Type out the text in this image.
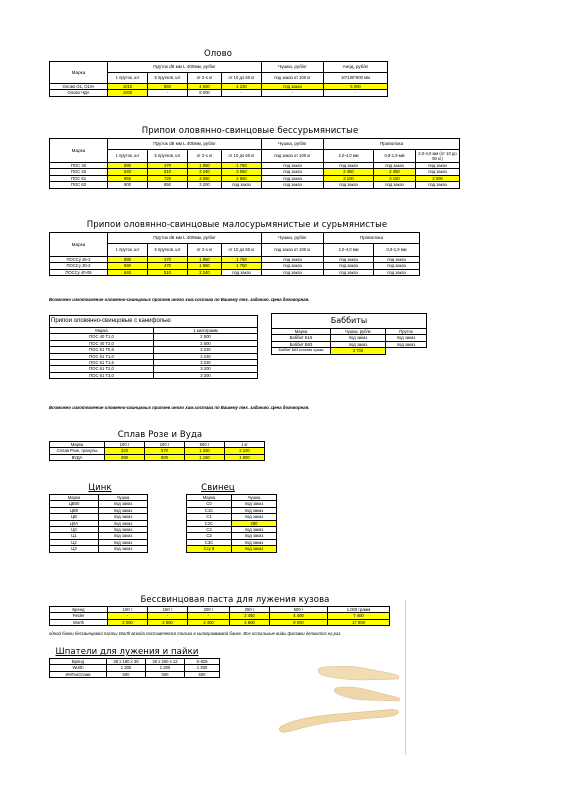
Олово
Марка	Пруток d8 мм L 400мм, руб/кг				Чушка, руб/кг	Анод, руб/кг
	1 пруток, шт	5 прутков, шт	от 2-х кг	от 10 до 50 кг	под заказ от 100 кг	10*100*500 мм
Олово О1, О1пч	1010	850	4 500	4 230	под заказ	5 000
Олово ЧДА	1000	-	8 000	-	-	-
Припои оловянно-свинцовые бессурьмянистые
Марка	Пруток d8 мм L 400мм, руб/кг				Чушка, руб/кг	Проволока		
	1 пруток, шт	5 прутков, шт	от 2-х кг	от 10 до 50 кг	под заказ от 100 кг	2,0-4,0 мм	0,8-1,9 мм	2,0-4,0 мм (от 10 до 50 кг)
ПОС 30	590	470	1 950	1 750	под заказ	под заказ	под заказ	под заказ
ПОС 40	640	510	2 240	2 050	под заказ	2 450	2 450	под заказ
ПОС 61	850	720	3 050	2 850	под заказ	3 100	3 150	3 000
ПОС 63	900	850	3 200	под заказ	под заказ	под заказ	под заказ	под заказ
Припои оловянно-свинцовые малосурьмянистые и сурьмянистые
Марка	Пруток d8 мм L 400мм, руб/кг				Чушка, руб/кг	Проволока	
	1 пруток, шт	5 прутков, шт	от 2-х кг	от 10 до 50 кг	под заказ от 100 кг	2,0-4,0 мм	0,8-1,9 мм
ПОССу 25-2	590	470	1 950	1 750	под заказ	под заказ	под заказ
ПОССу 30-2	590	470	1 950	1 750	под заказ	под заказ	под заказ
ПОССу 40-05	640	510	2 240	под заказ	под заказ	под заказ	под заказ
Возможно изготовление оловянно-свинцовых припоев иного хим.состава по Вашему тех. заданию. Цена договорная.
Припои оловянно-свинцовые с канифолью	
Марка	1 килограмм
ПОС 40 Т1,0	2 500
ПОС 40 Т2,0	2 500
ПОС 61 Т0,8	3 230
ПОС 61 Т1,0	3 230
ПОС 61 Т1,5	3 230
ПОС 61 Т2,0	3 200
ПОС 61 Т3,0	3 200
Баббиты		
Марка	Чушка, руб/кг	Пруток
Баббит Б16	под заказ	под заказ
Баббит Б83	под заказ	под заказ
Баббит Б83 колотая чушка	3 700	
Возможно изготовление оловянно-свинцовых припоев иного хим.состава по Вашему тех. заданию. Цена договорная.
Сплав Розе и Вуда
Марка	100 г	200 г	500 г	1 кг
Сплав Розе, гранулы	333	570	1 330	2 220
ВУДА	290	500	1 150	1 900
Цинк
Марка	Чушка
ЦВ00	под заказ
ЦВ0	под заказ
ЦВ	под заказ
Ц0А	под заказ
Ц0	под заказ
Ц1	под заказ
Ц2	под заказ
Ц3	под заказ
Свинец
Марка	Чушка
С0	под заказ
С1С	под заказ
С1	под заказ
С2С	280
С2	под заказ
С3	под заказ
С3С	под заказ
Ссу 8	под заказ
Бессвинцовая паста для лужения кузова
Бренд	100 г	150 г	200 г	250 г	500 г	1.000 грамм
Felder	-	-	-	2 450	4 400	7 400
Wurth	2 000	2 800	3 400	4 600	9 000	17 000
одной банки бессвинцовой пасты Wurth всегда поставляется только в килограммовой банке. Все остальные виды фасовки делаются на раз
Шпатели для лужения и пайки
Бренд	38 x 180 x 38	30 x 250 x 12	S-825
Wurth	1 300	1 300	1 300
ИНГеоСплав	500	500	500
